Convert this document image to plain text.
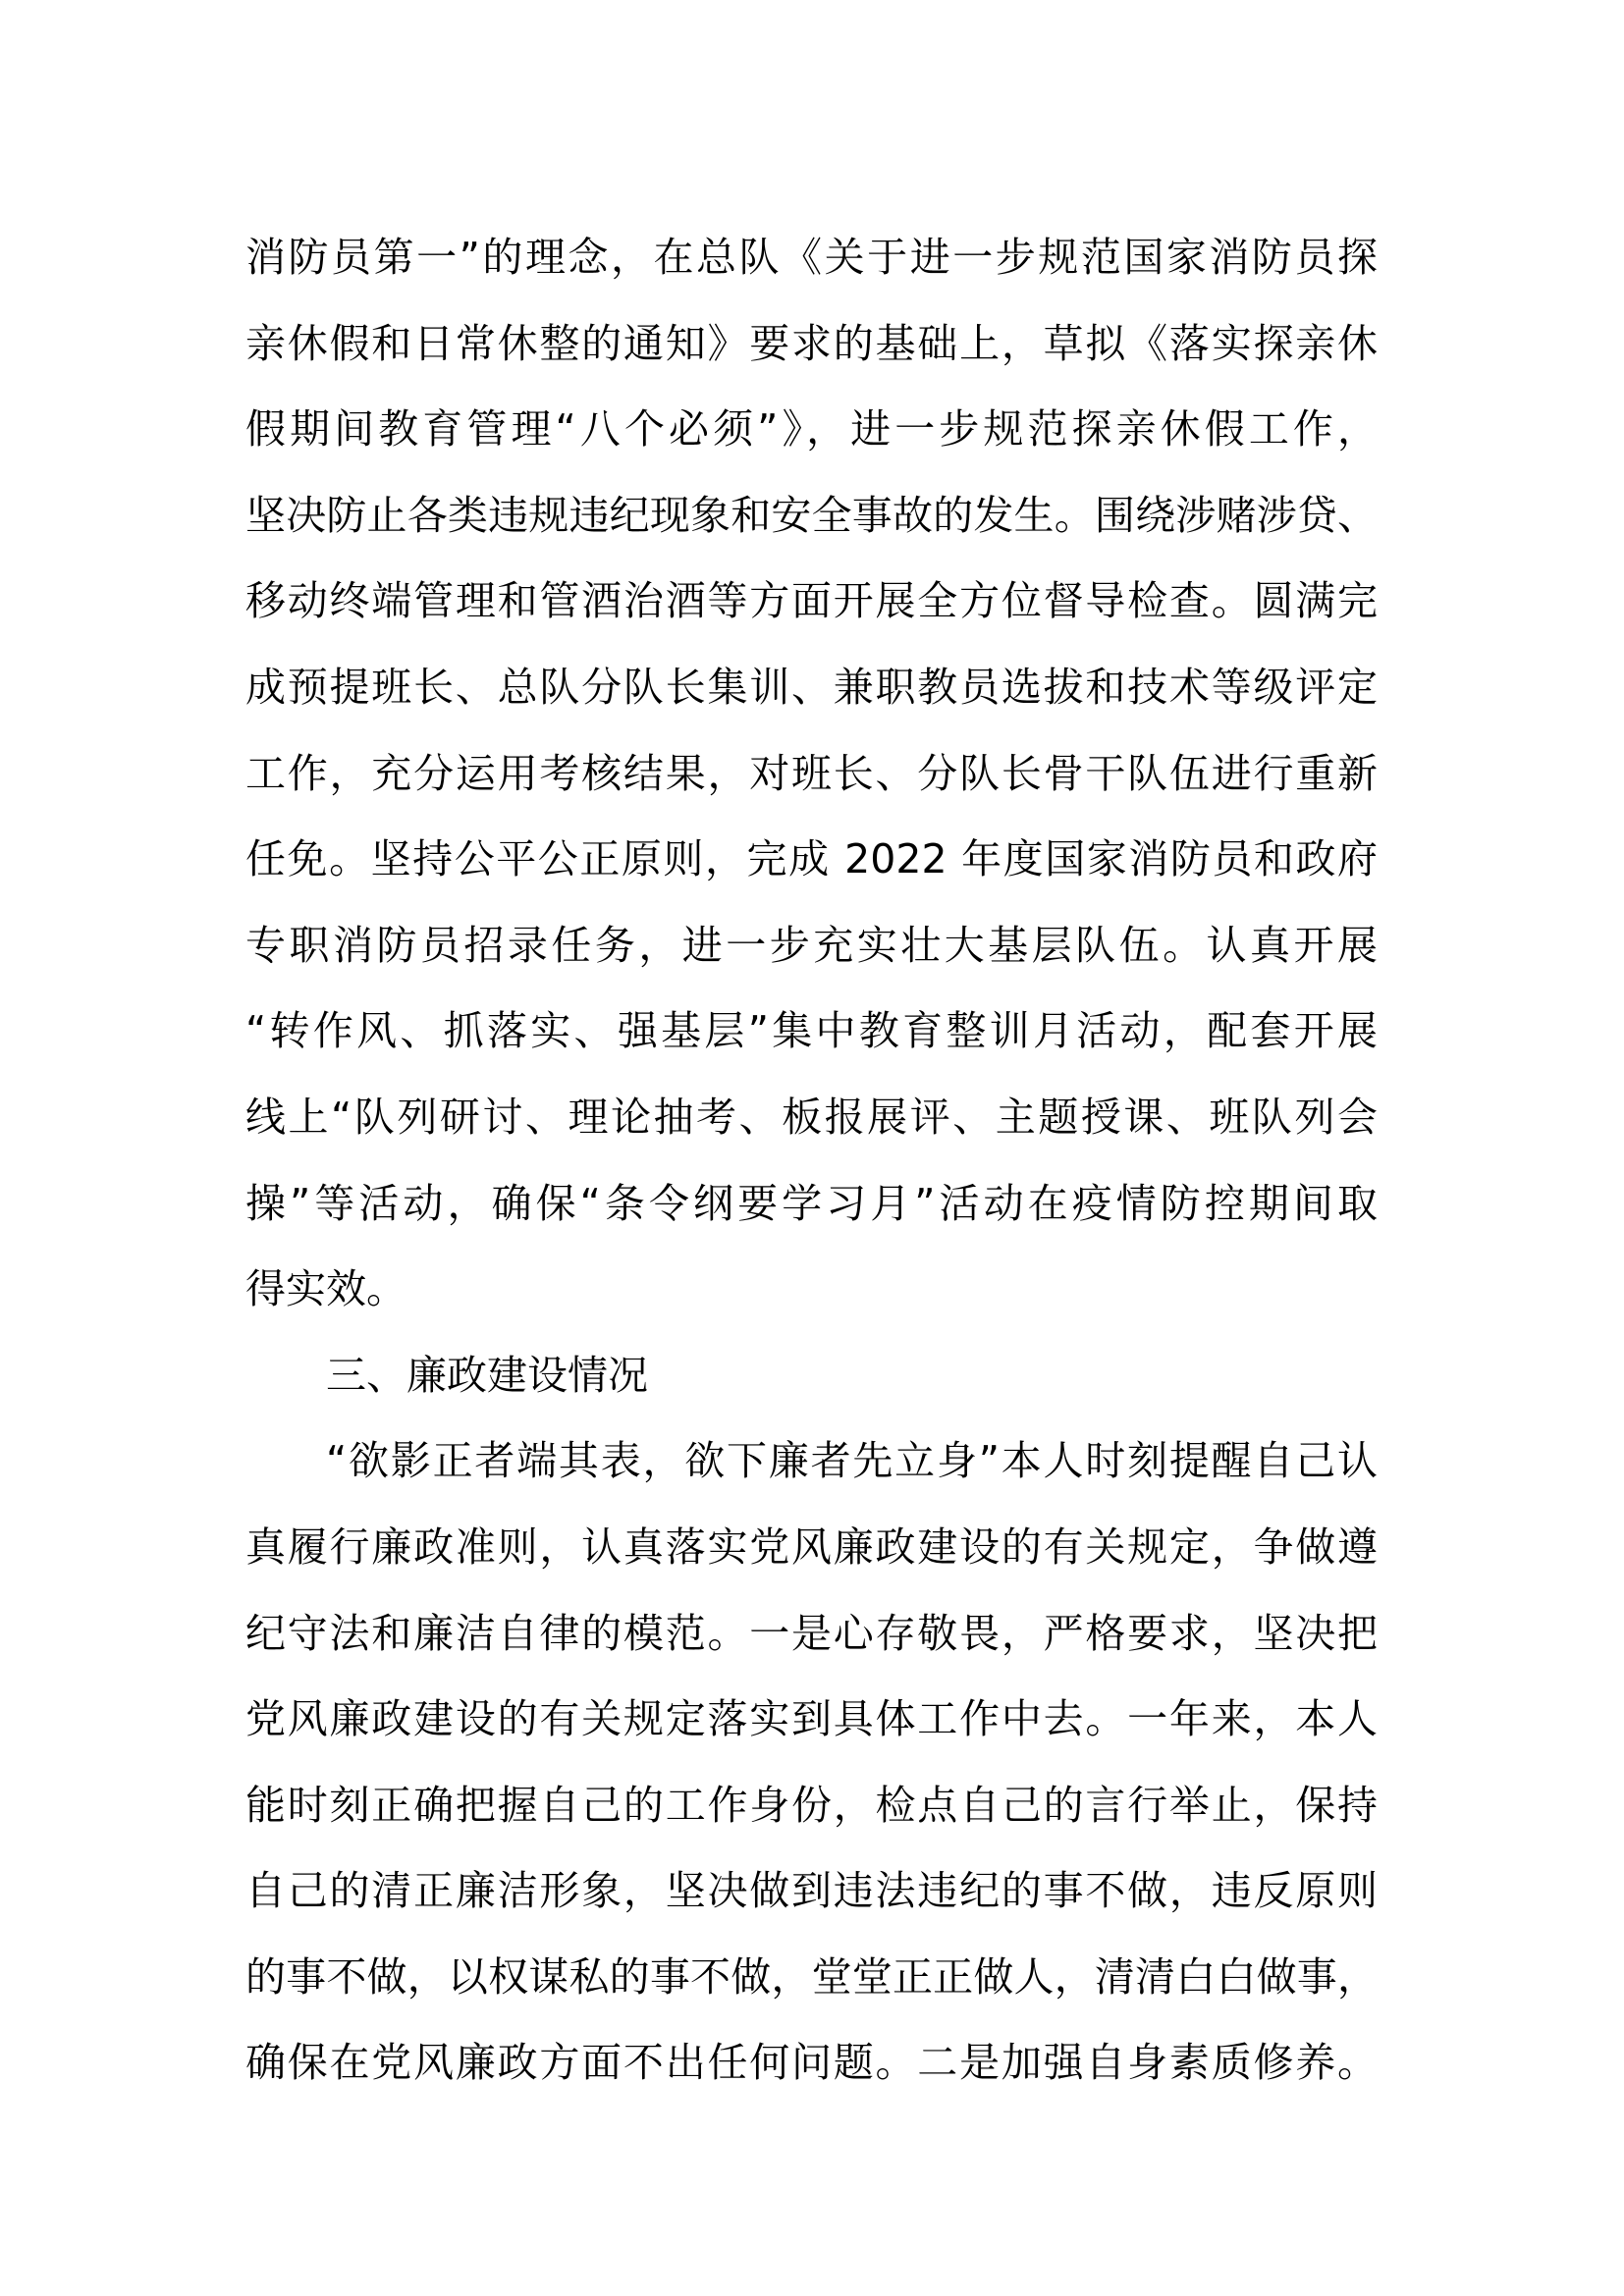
消防员第一”的理念，在总队《关于进一步规范国家消防员探
亲休假和日常休整的通知》要求的基础上，草拟《落实探亲休
假期间教育管理“八个必须”》，进一步规范探亲休假工作，
坚决防止各类违规违纪现象和安全事故的发生。围绕涉赌涉贷、
移动终端管理和管酒治酒等方面开展全方位督导检查。圆满完
成预提班长、总队分队长集训、兼职教员选拔和技术等级评定
工作，充分运用考核结果，对班长、分队长骨干队伍进行重新
任免。坚持公平公正原则，完成 2022 年度国家消防员和政府
专职消防员招录任务，进一步充实壮大基层队伍。认真开展
“转作风、抓落实、强基层”集中教育整训月活动，配套开展
线上“队列研讨、理论抽考、板报展评、主题授课、班队列会
操”等活动，确保“条令纲要学习月”活动在疫情防控期间取
得实效。
三、廉政建设情况
“欲影正者端其表，欲下廉者先立身”本人时刻提醒自己认
真履行廉政准则，认真落实党风廉政建设的有关规定，争做遵
纪守法和廉洁自律的模范。一是心存敬畏，严格要求，坚决把
党风廉政建设的有关规定落实到具体工作中去。一年来，本人
能时刻正确把握自己的工作身份，检点自己的言行举止，保持
自己的清正廉洁形象，坚决做到违法违纪的事不做，违反原则
的事不做，以权谋私的事不做，堂堂正正做人，清清白白做事，
确保在党风廉政方面不出任何问题。二是加强自身素质修养。
